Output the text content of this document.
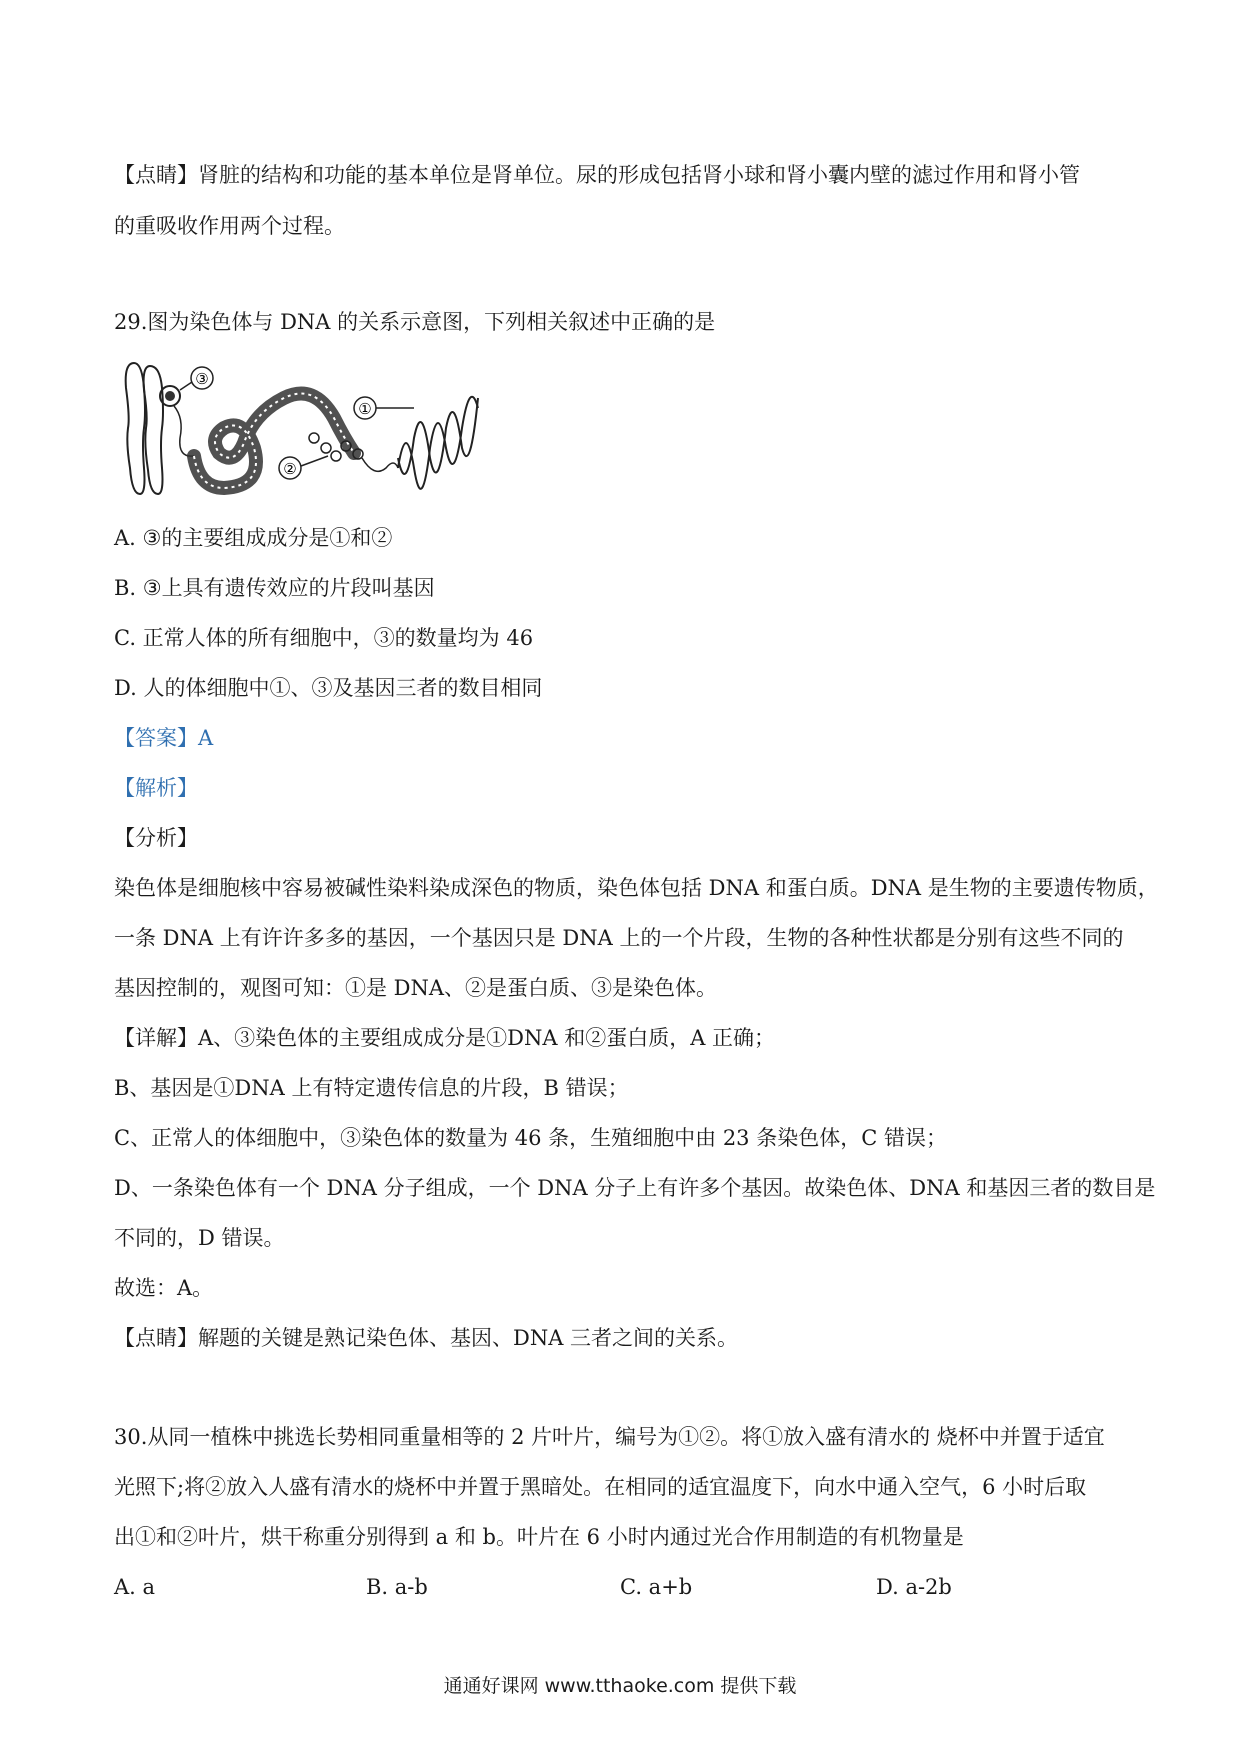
【点睛】肾脏的结构和功能的基本单位是肾单位。尿的形成包括肾小球和肾小囊内壁的滤过作用和肾小管
的重吸收作用两个过程。
29.图为染色体与 DNA 的关系示意图，下列相关叙述中正确的是
③
①
②
A. ③的主要组成成分是①和②
B. ③上具有遗传效应的片段叫基因
C. 正常人体的所有细胞中，③的数量均为 46
D. 人的体细胞中①、③及基因三者的数目相同
【答案】A
【解析】
【分析】
染色体是细胞核中容易被碱性染料染成深色的物质，染色体包括 DNA 和蛋白质。DNA 是生物的主要遗传物质，
一条 DNA 上有许许多多的基因，一个基因只是 DNA 上的一个片段，生物的各种性状都是分别有这些不同的
基因控制的，观图可知：①是 DNA、②是蛋白质、③是染色体。
【详解】A、③染色体的主要组成成分是①DNA 和②蛋白质，A 正确；
B、基因是①DNA 上有特定遗传信息的片段，B 错误；
C、正常人的体细胞中，③染色体的数量为 46 条，生殖细胞中由 23 条染色体，C 错误；
D、一条染色体有一个 DNA 分子组成，一个 DNA 分子上有许多个基因。故染色体、DNA 和基因三者的数目是
不同的，D 错误。
故选：A。
【点睛】解题的关键是熟记染色体、基因、DNA 三者之间的关系。
30.从同一植株中挑选长势相同重量相等的 2 片叶片，编号为①②。将①放入盛有清水的 烧杯中并置于适宜
光照下;将②放入人盛有清水的烧杯中并置于黑暗处。在相同的适宜温度下，向水中通入空气，6 小时后取
出①和②叶片，烘干称重分别得到 a 和 b。叶片在 6 小时内通过光合作用制造的有机物量是
A. a	B. a-b	C. a+b	D. a-2b
通通好课网 www.tthaoke.com 提供下载
